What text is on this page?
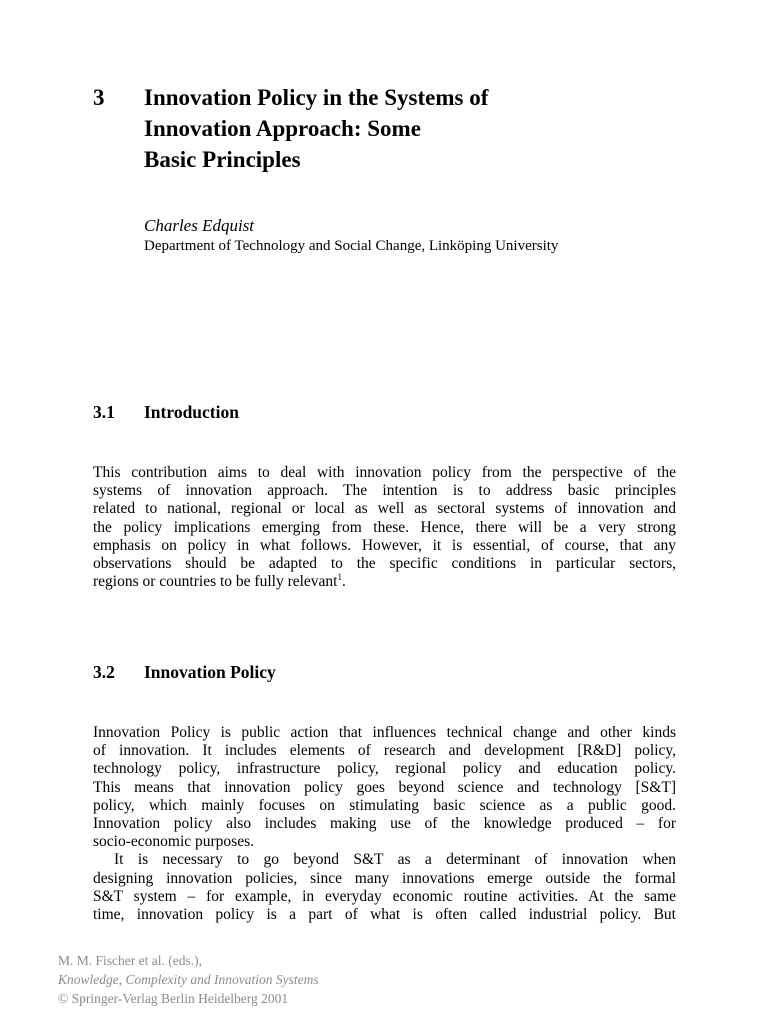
3 Innovation Policy in the Systems of
Innovation Approach: Some
Basic Principles
Charles Edquist
Department of Technology and Social Change, Linköping University
3.1 Introduction
This contribution aims to deal with innovation policy from the perspective of the
systems of innovation approach. The intention is to address basic principles
related to national, regional or local as well as sectoral systems of innovation and
the policy implications emerging from these. Hence, there will be a very strong
emphasis on policy in what follows. However, it is essential, of course, that any
observations should be adapted to the specific conditions in particular sectors,
regions or countries to be fully relevant$^1$.
3.2 Innovation Policy
Innovation Policy is public action that influences technical change and other kinds
of innovation. It includes elements of research and development [R&D] policy,
technology policy, infrastructure policy, regional policy and education policy.
This means that innovation policy goes beyond science and technology [S&T]
policy, which mainly focuses on stimulating basic science as a public good.
Innovation policy also includes making use of the knowledge produced – for
socio-economic purposes.
It is necessary to go beyond S&T as a determinant of innovation when
designing innovation policies, since many innovations emerge outside the formal
S&T system – for example, in everyday economic routine activities. At the same
time, innovation policy is a part of what is often called industrial policy. But
M. M. Fischer et al. (eds.),
Knowledge, Complexity and Innovation Systems
© Springer-Verlag Berlin Heidelberg 2001
